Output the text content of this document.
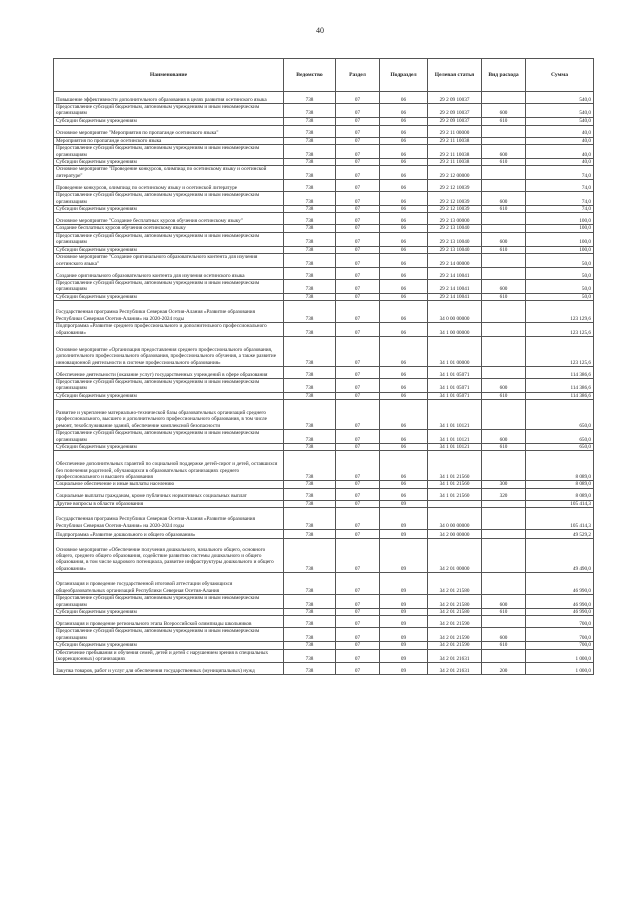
40
Наименование	Ведомство	Раздел	Подраздел	Целевая статья	Вид расхода	Сумма
Повышение эффективности дополнительного образования в целях развития осетинского языка	738	07	06	29 2 09 10037		540,0
Предоставление субсидий бюджетным, автономным учреждениям и иным некоммерческим организациям	738	07	06	29 2 09 10037	600	540,0
Субсидии бюджетным учреждениям	738	07	06	29 2 09 10037	610	540,0
Основное мероприятие "Мероприятия по пропаганде осетинского языка"	738	07	06	29 2 11 00000		40,0
Мероприятия по пропаганде осетинского языка	738	07	06	29 2 11 10038		40,0
Предоставление субсидий бюджетным, автономным учреждениям и иным некоммерческим организациям	738	07	06	29 2 11 10038	600	40,0
Субсидии бюджетным учреждениям	738	07	06	29 2 11 10038	610	40,0
Основное мероприятие "Проведение конкурсов, олимпиад по осетинскому языку и осетинской литературе"	738	07	06	29 2 12 00000		74,0
Проведение конкурсов, олимпиад по осетинскому языку и осетинской литературе	738	07	06	29 2 12 10039		74,0
Предоставление субсидий бюджетным, автономным учреждениям и иным некоммерческим организациям	738	07	06	29 2 12 10039	600	74,0
Субсидии бюджетным учреждениям	738	07	06	29 2 12 10039	610	74,0
Основное мероприятие "Создание бесплатных курсов обучения осетинскому языку"	738	07	06	29 2 13 00000		100,0
Создание бесплатных курсов обучения осетинскому языку	738	07	06	29 2 13 10040		100,0
Предоставление субсидий бюджетным, автономным учреждениям и иным некоммерческим организациям	738	07	06	29 2 13 10040	600	100,0
Субсидии бюджетным учреждениям	738	07	06	29 2 13 10040	610	100,0
Основное мероприятие "Создание оригинального образовательного контента для изучения осетинского языка"	738	07	06	29 2 14 00000		50,0
Создание оригинального образовательного контента для изучения осетинского языка	738	07	06	29 2 14 10041		50,0
Предоставление субсидий бюджетным, автономным учреждениям и иным некоммерческим организациям	738	07	06	29 2 14 10041	600	50,0
Субсидии бюджетным учреждениям	738	07	06	29 2 14 10041	610	50,0
Государственная программа Республики Северная Осетия-Алания «Развитие образования Республики Северная Осетия-Алания» на 2020-2024 годы	738	07	06	34 0 00 00000		123 129,6
Подпрограмма «Развитие среднего профессионального и дополнительного профессионального образования»	738	07	06	34 1 00 00000		123 125,6
Основное мероприятие «Организация предоставления среднего профессионального образования, дополнительного профессионального образования, профессионального обучения, а также развитие инновационной деятельности в системе профессионального образования»	738	07	06	34 1 01 00000		123 125,6
Обеспечение деятельности (оказание услуг) государственных учреждений в сфере образования	738	07	06	34 1 01 05071		114 386,6
Предоставление субсидий бюджетным, автономным учреждениям и иным некоммерческим организациям	738	07	06	34 1 01 05071	600	114 386,6
Субсидии бюджетным учреждениям	738	07	06	34 1 01 05071	610	114 386,6
Развитие и укрепление материально-технической базы образовательных организаций среднего профессионального, высшего и дополнительного профессионального образования, в том числе ремонт, техобслуживание зданий, обеспечение комплексной безопасности	738	07	06	34 1 01 10121		650,0
Предоставление субсидий бюджетным, автономным учреждениям и иным некоммерческим организациям	738	07	06	34 1 01 10121	600	650,0
Субсидии бюджетным учреждениям	738	07	06	34 1 01 10121	610	650,0
Обеспечение дополнительных гарантий по социальной поддержке детей-сирот и детей, оставшихся без попечения родителей, обучающихся в образовательных организациях среднего профессионального и высшего образования	738	07	06	34 1 01 21560		8 089,0
Социальное обеспечение и иные выплаты населению	738	07	06	34 1 01 21560	300	8 089,0
Социальные выплаты гражданам, кроме публичных нормативных социальных выплат	738	07	06	34 1 01 21560	320	8 089,0
Другие вопросы в области образования	738	07	09			105 414,3
Государственная программа Республики Северная Осетия-Алания «Развитие образования Республики Северная Осетия-Алания» на 2020-2024 годы	738	07	09	34 0 00 00000		105 414,3
Подпрограмма «Развитие дошкольного и общего образования»	738	07	09	34 2 00 00000		49 529,2
Основное мероприятие «Обеспечение получения дошкольного, начального общего, основного общего, среднего общего образования, содействие развитию системы дошкольного и общего образования, в том числе кадрового потенциала, развитие инфраструктуры дошкольного и общего образования»	738	07	09	34 2 01 00000		49 490,0
Организация и проведение государственной итоговой аттестации обучающихся общеобразовательных организаций Республики Северная Осетия-Алания	738	07	09	34 2 01 21580		46 990,0
Предоставление субсидий бюджетным, автономным учреждениям и иным некоммерческим организациям	738	07	09	34 2 01 21580	600	46 990,0
Субсидии бюджетным учреждениям	738	07	09	34 2 01 21580	610	46 990,0
Организация и проведение регионального этапа Всероссийской олимпиады школьников	738	07	09	34 2 01 21590		700,0
Предоставление субсидий бюджетным, автономным учреждениям и иным некоммерческим организациям	738	07	09	34 2 01 21590	600	700,0
Субсидии бюджетным учреждениям	738	07	09	34 2 01 21590	610	700,0
Обеспечение пребывания и обучения семей, детей и детей с нарушением зрения в специальных (коррекционных) организациях	738	07	09	34 2 01 21631		1 000,0
Закупка товаров, работ и услуг для обеспечения государственных (муниципальных) нужд	738	07	09	34 2 01 21631	200	1 000,0
